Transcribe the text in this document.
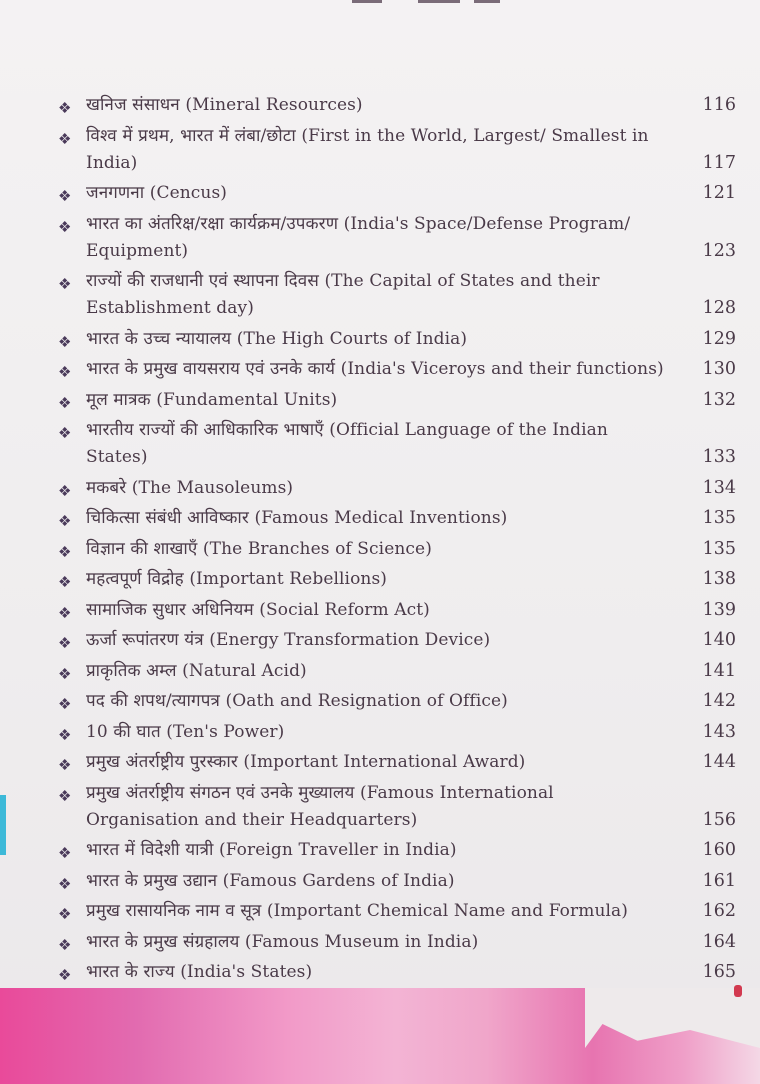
❖ खनिज संसाधन (Mineral Resources)	116
❖ विश्व में प्रथम, भारत में लंबा/छोटा (First in the World, Largest/ Smallest in India)	117
❖ जनगणना (Cencus)	121
❖ भारत का अंतरिक्ष/रक्षा कार्यक्रम/उपकरण (India's Space/Defense Program/ Equipment)	123
❖ राज्यों की राजधानी एवं स्थापना दिवस (The Capital of States and their Establishment day)	128
❖ भारत के उच्च न्यायालय (The High Courts of India)	129
❖ भारत के प्रमुख वायसराय एवं उनके कार्य (India's Viceroys and their functions)	130
❖ मूल मात्रक (Fundamental Units)	132
❖ भारतीय राज्यों की आधिकारिक भाषाएँ (Official Language of the Indian States)	133
❖ मकबरे (The Mausoleums)	134
❖ चिकित्सा संबंधी आविष्कार (Famous Medical Inventions)	135
❖ विज्ञान की शाखाएँ (The Branches of Science)	135
❖ महत्वपूर्ण विद्रोह (Important Rebellions)	138
❖ सामाजिक सुधार अधिनियम (Social Reform Act)	139
❖ ऊर्जा रूपांतरण यंत्र (Energy Transformation Device)	140
❖ प्राकृतिक अम्ल (Natural Acid)	141
❖ पद की शपथ/त्यागपत्र (Oath and Resignation of Office)	142
❖ 10 की घात (Ten's Power)	143
❖ प्रमुख अंतर्राष्ट्रीय पुरस्कार (Important International Award)	144
❖ प्रमुख अंतर्राष्ट्रीय संगठन एवं उनके मुख्यालय (Famous International Organisation and their Headquarters)	156
❖ भारत में विदेशी यात्री (Foreign Traveller in India)	160
❖ भारत के प्रमुख उद्यान (Famous Gardens of India)	161
❖ प्रमुख रासायनिक नाम व सूत्र (Important Chemical Name and Formula)	162
❖ भारत के प्रमुख संग्रहालय (Famous Museum in India)	164
❖ भारत के राज्य (India's States)	165
